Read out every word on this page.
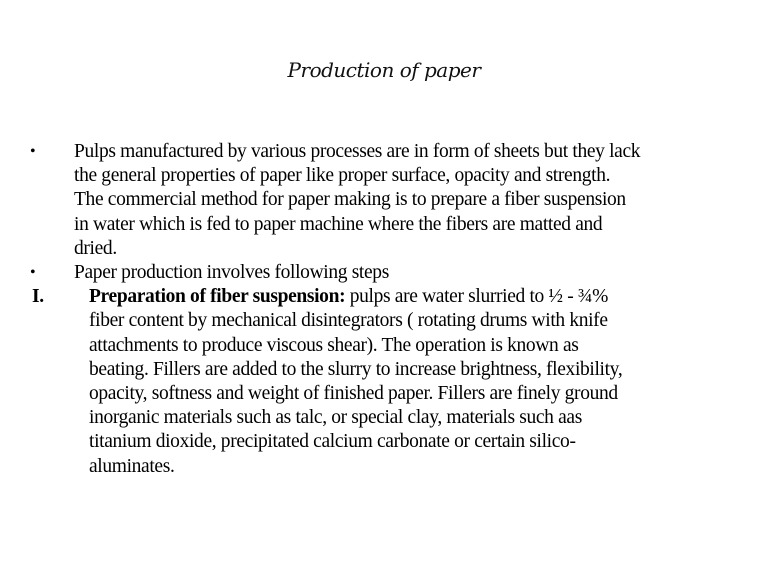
Production of paper
•	Pulps manufactured by various processes are in form of sheets but they lack
the general properties of paper like proper surface, opacity and strength.
The commercial method for paper making is to prepare a fiber suspension
in water which is fed to paper machine where the fibers are matted and
dried.
•	Paper production involves following steps
I.	Preparation of fiber suspension: pulps are water slurried to ½ - ¾%
fiber content by mechanical disintegrators ( rotating drums with knife
attachments to produce viscous shear). The operation is known as
beating. Fillers are added to the slurry to increase brightness, flexibility,
opacity, softness and weight of finished paper. Fillers are finely ground
inorganic materials such as talc, or special clay, materials such aas
titanium dioxide, precipitated calcium carbonate or certain silico-
aluminates.
